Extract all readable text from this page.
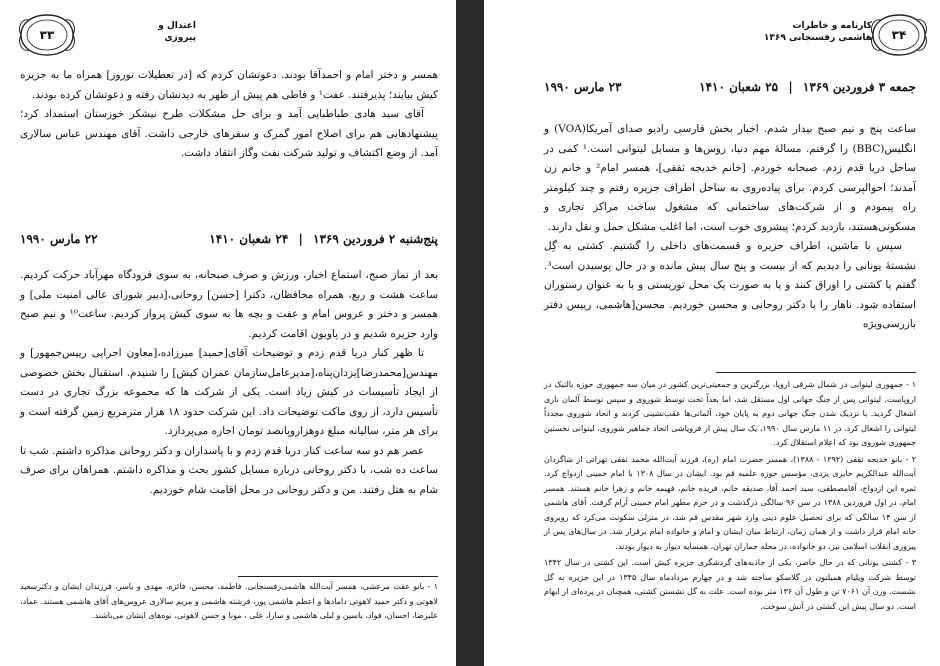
۳۳
اعتدال و
پیروزی

همسر و دختر امام و احمدآقا بودند. دعوتشان کردم که [در تعطیلات نوروز] همراه ما به جزیره کیش بیایند؛ پذیرفتند. عفت¹ و فاطی هم پیش از ظهر به دیدنشان رفته و دعوتشان کرده بودند.

آقای سید هادی طباطبایی آمد و برای حل مشکلات طرح نیشکر خوزستان استمداد کرد؛ پیشنهادهایی هم برای اصلاح امور گمرک و سفرهای خارجی داشت. آقای مهندس عباس سالاری آمد. از وضع اکتشاف و تولید شرکت نفت وگاز انتقاد داشت.

پنج‌شنبه ۲ فروردین ۱۳۶۹ | ۲۴ شعبان ۱۴۱۰
۲۲ مارس ۱۹۹۰

بعد از نماز صبح، استماع اخبار، ورزش و صرف صبحانه، به سوی فرودگاه مهرآباد حرکت کردیم. ساعت هشت و ربع، همراه محافظان، دکترا [حسن] روحانی،[دبیر شورای عالی امنیت ملی] و همسر و دختر و عروس امام و عفت و بچه ها به سوی کیش پرواز کردیم. ساعت¹⁰ و نیم صبح وارد جزیره شدیم و در پاویون اقامت کردیم.

تا ظهر کنار دریا قدم زدم و توضیحات آقای[حمید] میرزاده،[معاون اجرایی رییس‌جمهور] و مهندس[محمدرضا]یزدان‌پناه،[مدیرعامل‌سازمان عمران کیش] را شنیدم. استقبال بخش خصوصی از ایجاد تأسیسات در کیش زیاد است. یکی از شرکت ها که مجموعه بزرگ تجاری در دست تأسیس دارد، از روی ماکت توضیحات داد. این شرکت حدود ۱۸ هزار مترمربع زمین گرفته است و برای هر متر، سالیانه مبلغ دوهزاروپانصد تومان اجاره می‌پردازد.

عصر هم دو سه ساعت کنار دریا قدم زدم و با پاسداران و دکتر روحانی مذاکره داشتم. شب تا ساعت ده شب، با دکتر روحانی درباره مسایل کشور بحث و مذاکره داشتم. همراهان برای صرف شام به هتل رفتند. من و دکتر روحانی در محل اقامت شام خوردیم.

۱ - بانو عفت مرعشی، همسر آیت‌الله هاشمی‌رفسنجانی. فاطمه، محسن، فائزه، مهدی و یاسر، فرزندان ایشان و دکترسعید لاهوتی و دکتر حمید لاهوتی دامادها و اعظم هاشمی پور، فرشته هاشمی و مریم سالاری عروس‌های آقای هاشمی هستند. عماد، علیرضا، احسان، فواد، یاسین و لیلی هاشمی و سارا، علی ، مونا و حسن لاهوتی، نوه‌های ایشان می‌باشند.

کارنامه و خاطرات
هاشمی رفسنجانی ۱۳۶۹ ۳۴
جمعه ۳ فروردین ۱۳۶۹ | ۲۵ شعبان ۱۴۱۰
۲۳ مارس ۱۹۹۰

ساعت پنج و نیم صبح بیدار شدم. اخبار بخش فارسی رادیو صدای آمریکا(VOA) و انگلیس(BBC) را گرفتم. مسالهٔ مهم دنیا، روس‌ها و مسایل لیتوانی است.¹ کمی در ساحل دریا قدم زدم. صبحانه خوردم. [خانم خدیجه ثقفی]، همسر امام² و خانم زن آمدند؛ احوالپرسی کردم. برای پیاده‌روی به ساحل اطراف جزیره رفتم و چند کیلومتر راه پیمودم و از شرکت‌های ساختمانی که مشغول ساخت مراکز تجاری و مسکونی‌هستند، بازدید کردم؛ پیشروی خوب است، اما اغلب مشکل حمل و نقل دارند.

سپس با ماشین، اطراف جزیره و قسمت‌های داخلی را گشتیم. کشتی به گِل نشستهٔ یونانی را دیدیم که از بیست و پنج سال پیش مانده و در حال پوسیدن است³. گفتم یا کشتی را اوراق کنند و یا به صورت یک محل توریستی و یا به عنوان رستوران استفاده شود. ناهار را با دکتر روحانی و محسن خوردیم. محسن[هاشمی، رییس دفتر بازرسی‌ویژه

۱ - جمهوری لیتوانی در شمال شرقی اروپا، بزرگترین و جمعیتی‌ترین کشور در میان سه جمهوری حوزه بالتیک در اروپاست. لیتوانی پس از جنگ جهانی اول مستقل شد، اما بعداً تحت توسط شوروی و سپس توسط آلمان نازی اشغال گردید. با نزدیک شدن جنگ جهانی دوم به پایان خود، آلمانی‌ها عقب‌نشینی کردند و اتحاد شوروی مجدداً لیتوانی را اشغال کرد. در ۱۱ مارس سال ۱۹۹۰، یک سال پیش از فروپاشی اتحاد جماهیر شوروی، لیتوانی نخستین جمهوری شوروی بود که اعلام استقلال کرد.

۲ - بانو خدیجه ثقفی (۱۲۹۲ - ۱۳۸۸)، همسر حضرت امام (ره)، فرزند آیت‌الله محمد ثقفی تهرانی از شاگردان آیت‌الله عبدالکریم حایری یزدی، مؤسس حوزه علمیه قم بود. ایشان در سال ۱۳۰۸ با امام خمینی ازدواج کرد. ثمره این ازدواج، آقامصطفی، سید احمد آقا، صدیقه خانم، فریده خانم، فهیمه خانم و زهرا خانم هستند. همسر امام، در اول فروردین ۱۳۸۸ در سن ۹۶ سالگی درگذشت و در حرم مطهر امام خمینی آرام گرفت. آقای هاشمی از سن ۱۴ سالگی که برای تحصیل علوم دینی وارد شهر مقدس قم شد، در منزلی سکونت می‌کرد که روبروی خانه امام قرار داشت و از همان زمان، ارتباط میان ایشان و امام و خانواده امام برقرار شد. در سال‌های پس از پیروزی انقلاب اسلامی نیز، دو خانواده، در محله جماران تهران، همسایه دیوار به دیوار بودند.

۳ - کشتی یونانی که در حال حاضر، یکی از جاذبه‌های گردشگری جزیره کیش است. این کشتی در سال ۱۳۴۲ توسط شرکت ویلیام همیلتون در گلاسکو ساخته شد و در چهارم مردادماه سال ۱۳۴۵ در این جزیره به گل نشست. وزن آن ۷۰۶۱ تن و طول آن ۱۳۶ متر بوده است. علت به گل نشستن کشتی، همچنان در پرده‌ای از ابهام است. دو سال پیش این کشتی در آتش سوخت.
